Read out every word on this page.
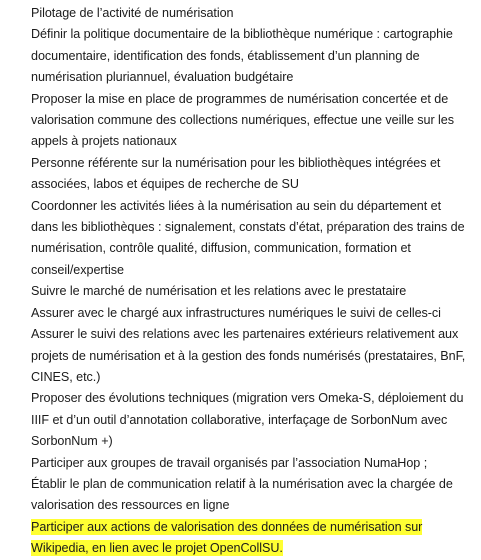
Pilotage de l’activité de numérisation

Définir la politique documentaire de la bibliothèque numérique : cartographie documentaire, identification des fonds, établissement d’un planning de numérisation pluriannuel, évaluation budgétaire

Proposer la mise en place de programmes de numérisation concertée et de valorisation commune des collections numériques, effectue une veille sur les appels à projets nationaux

Personne référente sur la numérisation pour les bibliothèques intégrées et associées, labos et équipes de recherche de SU

Coordonner les activités liées à la numérisation au sein du département et dans les bibliothèques : signalement, constats d’état, préparation des trains de numérisation, contrôle qualité, diffusion, communication, formation et conseil/expertise

Suivre le marché de numérisation et les relations avec le prestataire

Assurer avec le chargé aux infrastructures numériques le suivi de celles-ci

Assurer le suivi des relations avec les partenaires extérieurs relativement aux projets de numérisation et à la gestion des fonds numérisés (prestataires, BnF, CINES, etc.)

Proposer des évolutions techniques (migration vers Omeka-S, déploiement du IIIF et d’un outil d’annotation collaborative, interfaçage de SorbonNum avec SorbonNum +)

Participer aux groupes de travail organisés par l’association NumaHop ;

Établir le plan de communication relatif à la numérisation avec la chargée de valorisation des ressources en ligne

Participer aux actions de valorisation des données de numérisation sur Wikipedia, en lien avec le projet OpenCollSU.
